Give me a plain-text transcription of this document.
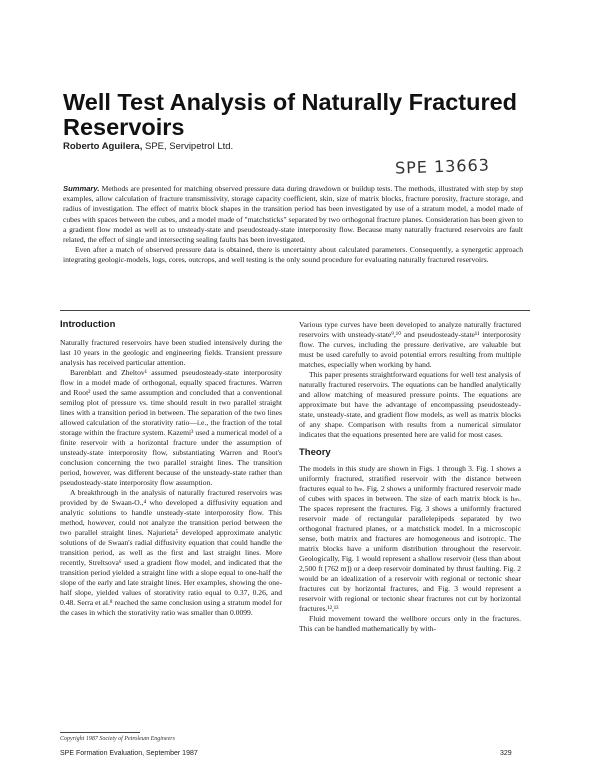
Well Test Analysis of Naturally Fractured Reservoirs
Roberto Aguilera, SPE, Servipetrol Ltd.
SPE 13663

Summary. Methods are presented for matching observed pressure data during drawdown or buildup tests. The methods, illustrated with step by step examples, allow calculation of fracture transmissivity, storage capacity coefficient, skin, size of matrix blocks, fracture porosity, fracture storage, and radius of investigation. The effect of matrix block shapes in the transition period has been investigated by use of a stratum model, a model made of cubes with spaces between the cubes, and a model made of "matchsticks" separated by two orthogonal fracture planes. Consideration has been given to a gradient flow model as well as to unsteady-state and pseudosteady-state interporosity flow. Because many naturally fractured reservoirs are fault related, the effect of single and intersecting sealing faults has been investigated.

Even after a match of observed pressure data is obtained, there is uncertainty about calculated parameters. Consequently, a synergetic approach integrating geologic-models, logs, cores, outcrops, and well testing is the only sound procedure for evaluating naturally fractured reservoirs.

Introduction

Naturally fractured reservoirs have been studied intensively during the last 10 years in the geologic and engineering fields. Transient pressure analysis has received particular attention.

Barenblatt and Zheltov¹ assumed pseudosteady-state interporosity flow in a model made of orthogonal, equally spaced fractures. Warren and Root² used the same assumption and concluded that a conventional semilog plot of pressure vs. time should result in two parallel straight lines with a transition period in between. The separation of the two lines allowed calculation of the storativity ratio—i.e., the fraction of the total storage within the fracture system. Kazemi³ used a numerical model of a finite reservoir with a horizontal fracture under the assumption of unsteady-state interporosity flow, substantiating Warren and Root's conclusion concerning the two parallel straight lines. The transition period, however, was different because of the unsteady-state rather than pseudosteady-state interporosity flow assumption.

A breakthrough in the analysis of naturally fractured reservoirs was provided by de Swaan-O.,⁴ who developed a diffusivity equation and analytic solutions to handle unsteady-state interporosity flow. This method, however, could not analyze the transition period between the two parallel straight lines. Najurieta⁵ developed approximate analytic solutions of de Swaan's radial diffusivity equation that could handle the transition period, as well as the first and last straight lines. More recently, Streltsova⁶ used a gradient flow model, and indicated that the transition period yielded a straight line with a slope equal to one-half the slope of the early and late straight lines. Her examples, showing the one-half slope, yielded values of storativity ratio equal to 0.37, 0.26, and 0.48. Serra et al.⁸ reached the same conclusion using a stratum model for the cases in which the storativity ratio was smaller than 0.0099.

Various type curves have been developed to analyze naturally fractured reservoirs with unsteady-state⁹,¹⁰ and pseudosteady-state¹¹ interporosity flow. The curves, including the pressure derivative, are valuable but must be used carefully to avoid potential errors resulting from multiple matches, especially when working by hand.

This paper presents straightforward equations for well test analysis of naturally fractured reservoirs. The equations can be handled analytically and allow matching of measured pressure points. The equations are approximate but have the advantage of encompassing pseudosteady-state, unsteady-state, and gradient flow models, as well as matrix blocks of any shape. Comparison with results from a numerical simulator indicates that the equations presented here are valid for most cases.

Theory

The models in this study are shown in Figs. 1 through 3. Fig. 1 shows a uniformly fractured, stratified reservoir with the distance between fractures equal to hₘ. Fig. 2 shows a uniformly fractured reservoir made of cubes with spaces in between. The size of each matrix block is hₘ. The spaces represent the fractures. Fig. 3 shows a uniformly fractured reservoir made of rectangular parallelepipeds separated by two orthogonal fractured planes, or a matchstick model. In a microscopic sense, both matrix and fractures are homogeneous and isotropic. The matrix blocks have a uniform distribution throughout the reservoir. Geologically, Fig. 1 would represent a shallow reservoir (less than about 2,500 ft [762 m]) or a deep reservoir dominated by thrust faulting. Fig. 2 would be an idealization of a reservoir with regional or tectonic shear fractures cut by horizontal fractures, and Fig. 3 would represent a reservoir with regional or tectonic shear fractures not cut by horizontal fractures.¹²,¹³

Fluid movement toward the wellbore occurs only in the fractures. This can be handled mathematically by with-

Copyright 1987 Society of Petroleum Engineers
SPE Formation Evaluation, September 1987	329
